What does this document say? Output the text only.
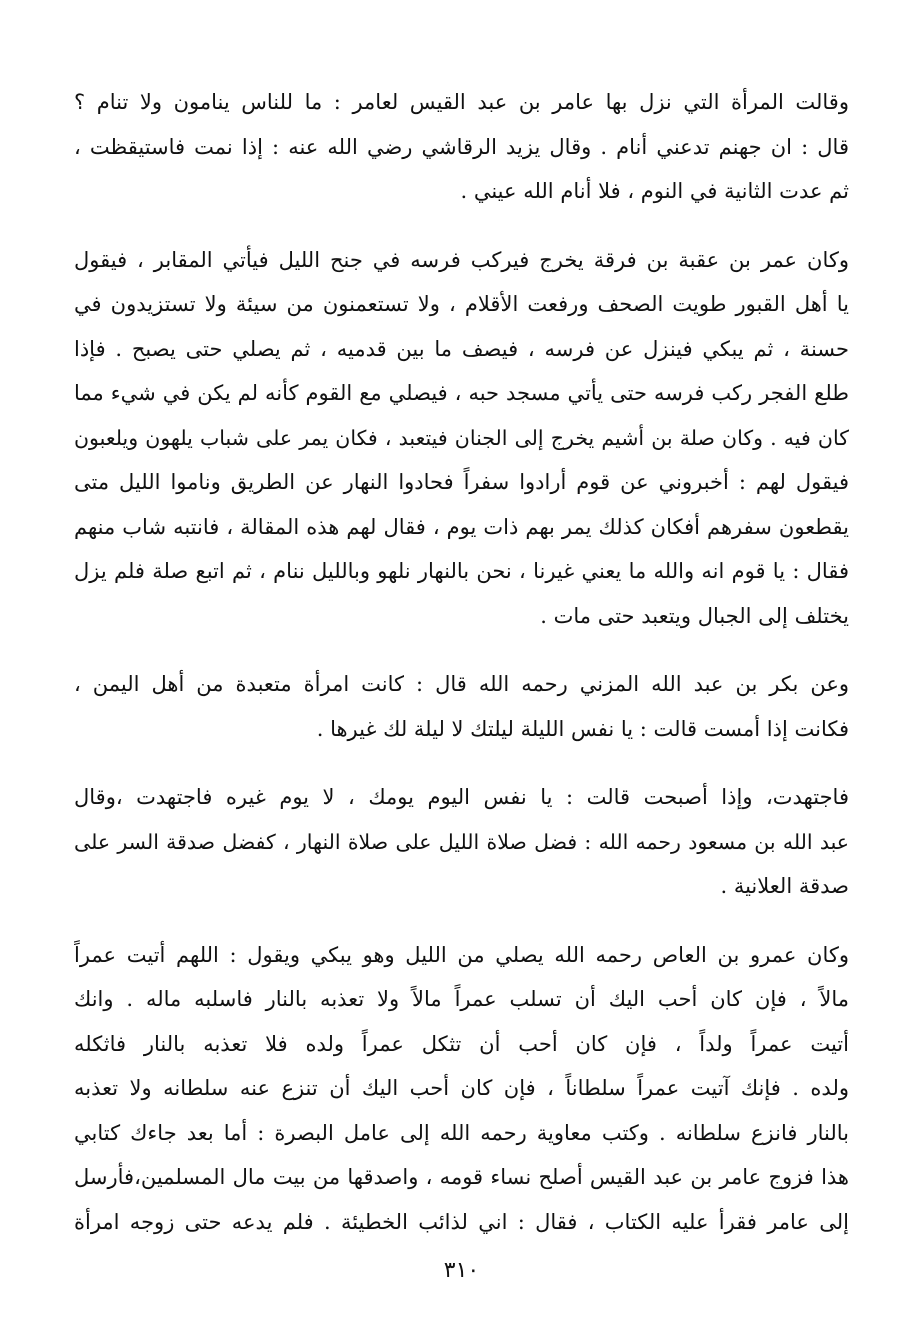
وقالت المرأة التي نزل بها عامر بن عبد القيس لعامر : ما للناس ينامون ولا تنام ؟
قال : ان جهنم تدعني أنام . وقال يزيد الرقاشي رضي الله عنه : إذا نمت فاستيقظت ،
ثم عدت الثانية في النوم ، فلا أنام الله عيني .

وكان عمر بن عقبة بن فرقة يخرج فيركب فرسه في جنح الليل فيأتي المقابر ، فيقول
يا أهل القبور طويت الصحف ورفعت الأقلام ، ولا تستعمنون من سيئة ولا تستزيدون في
حسنة ، ثم يبكي فينزل عن فرسه ، فيصف ما بين قدميه ، ثم يصلي حتى يصبح . فإذا
طلع الفجر ركب فرسه حتى يأتي مسجد حبه ، فيصلي مع القوم كأنه لم يكن في شيء مما
كان فيه . وكان صلة بن أشيم يخرج إلى الجنان فيتعبد ، فكان يمر على شباب يلهون ويلعبون
فيقول لهم : أخبروني عن قوم أرادوا سفراً فحادوا النهار عن الطريق وناموا الليل متى
يقطعون سفرهم أفكان كذلك يمر بهم ذات يوم ، فقال لهم هذه المقالة ، فانتبه شاب منهم
فقال : يا قوم انه والله ما يعني غيرنا ، نحن بالنهار نلهو وبالليل ننام ، ثم اتبع صلة فلم يزل
يختلف إلى الجبال ويتعبد حتى مات .

وعن بكر بن عبد الله المزني رحمه الله قال : كانت امرأة متعبدة من أهل اليمن ،
فكانت إذا أمست قالت : يا نفس الليلة ليلتك لا ليلة لك غيرها .

فاجتهدت، وإذا أصبحت قالت : يا نفس اليوم يومك ، لا يوم غيره فاجتهدت ،وقال
عبد الله بن مسعود رحمه الله : فضل صلاة الليل على صلاة النهار ، كفضل صدقة السر على
صدقة العلانية .

وكان عمرو بن العاص رحمه الله يصلي من الليل وهو يبكي ويقول : اللهم أتيت عمراً
مالاً ، فإن كان أحب اليك أن تسلب عمراً مالاً ولا تعذبه بالنار فاسلبه ماله . وانك
أتيت عمراً ولداً ، فإن كان أحب أن تثكل عمراً ولده فلا تعذبه بالنار فاثكله
ولده . فإنك آتيت عمراً سلطاناً ، فإن كان أحب اليك أن تنزع عنه سلطانه ولا تعذبه
بالنار فانزع سلطانه . وكتب معاوية رحمه الله إلى عامل البصرة : أما بعد جاءك كتابي
هذا فزوج عامر بن عبد القيس أصلح نساء قومه ، واصدقها من بيت مال المسلمين،فأرسل
إلى عامر فقرأ عليه الكتاب ، فقال : اني لذائب الخطيئة . فلم يدعه حتى زوجه امرأة

٣١٠
